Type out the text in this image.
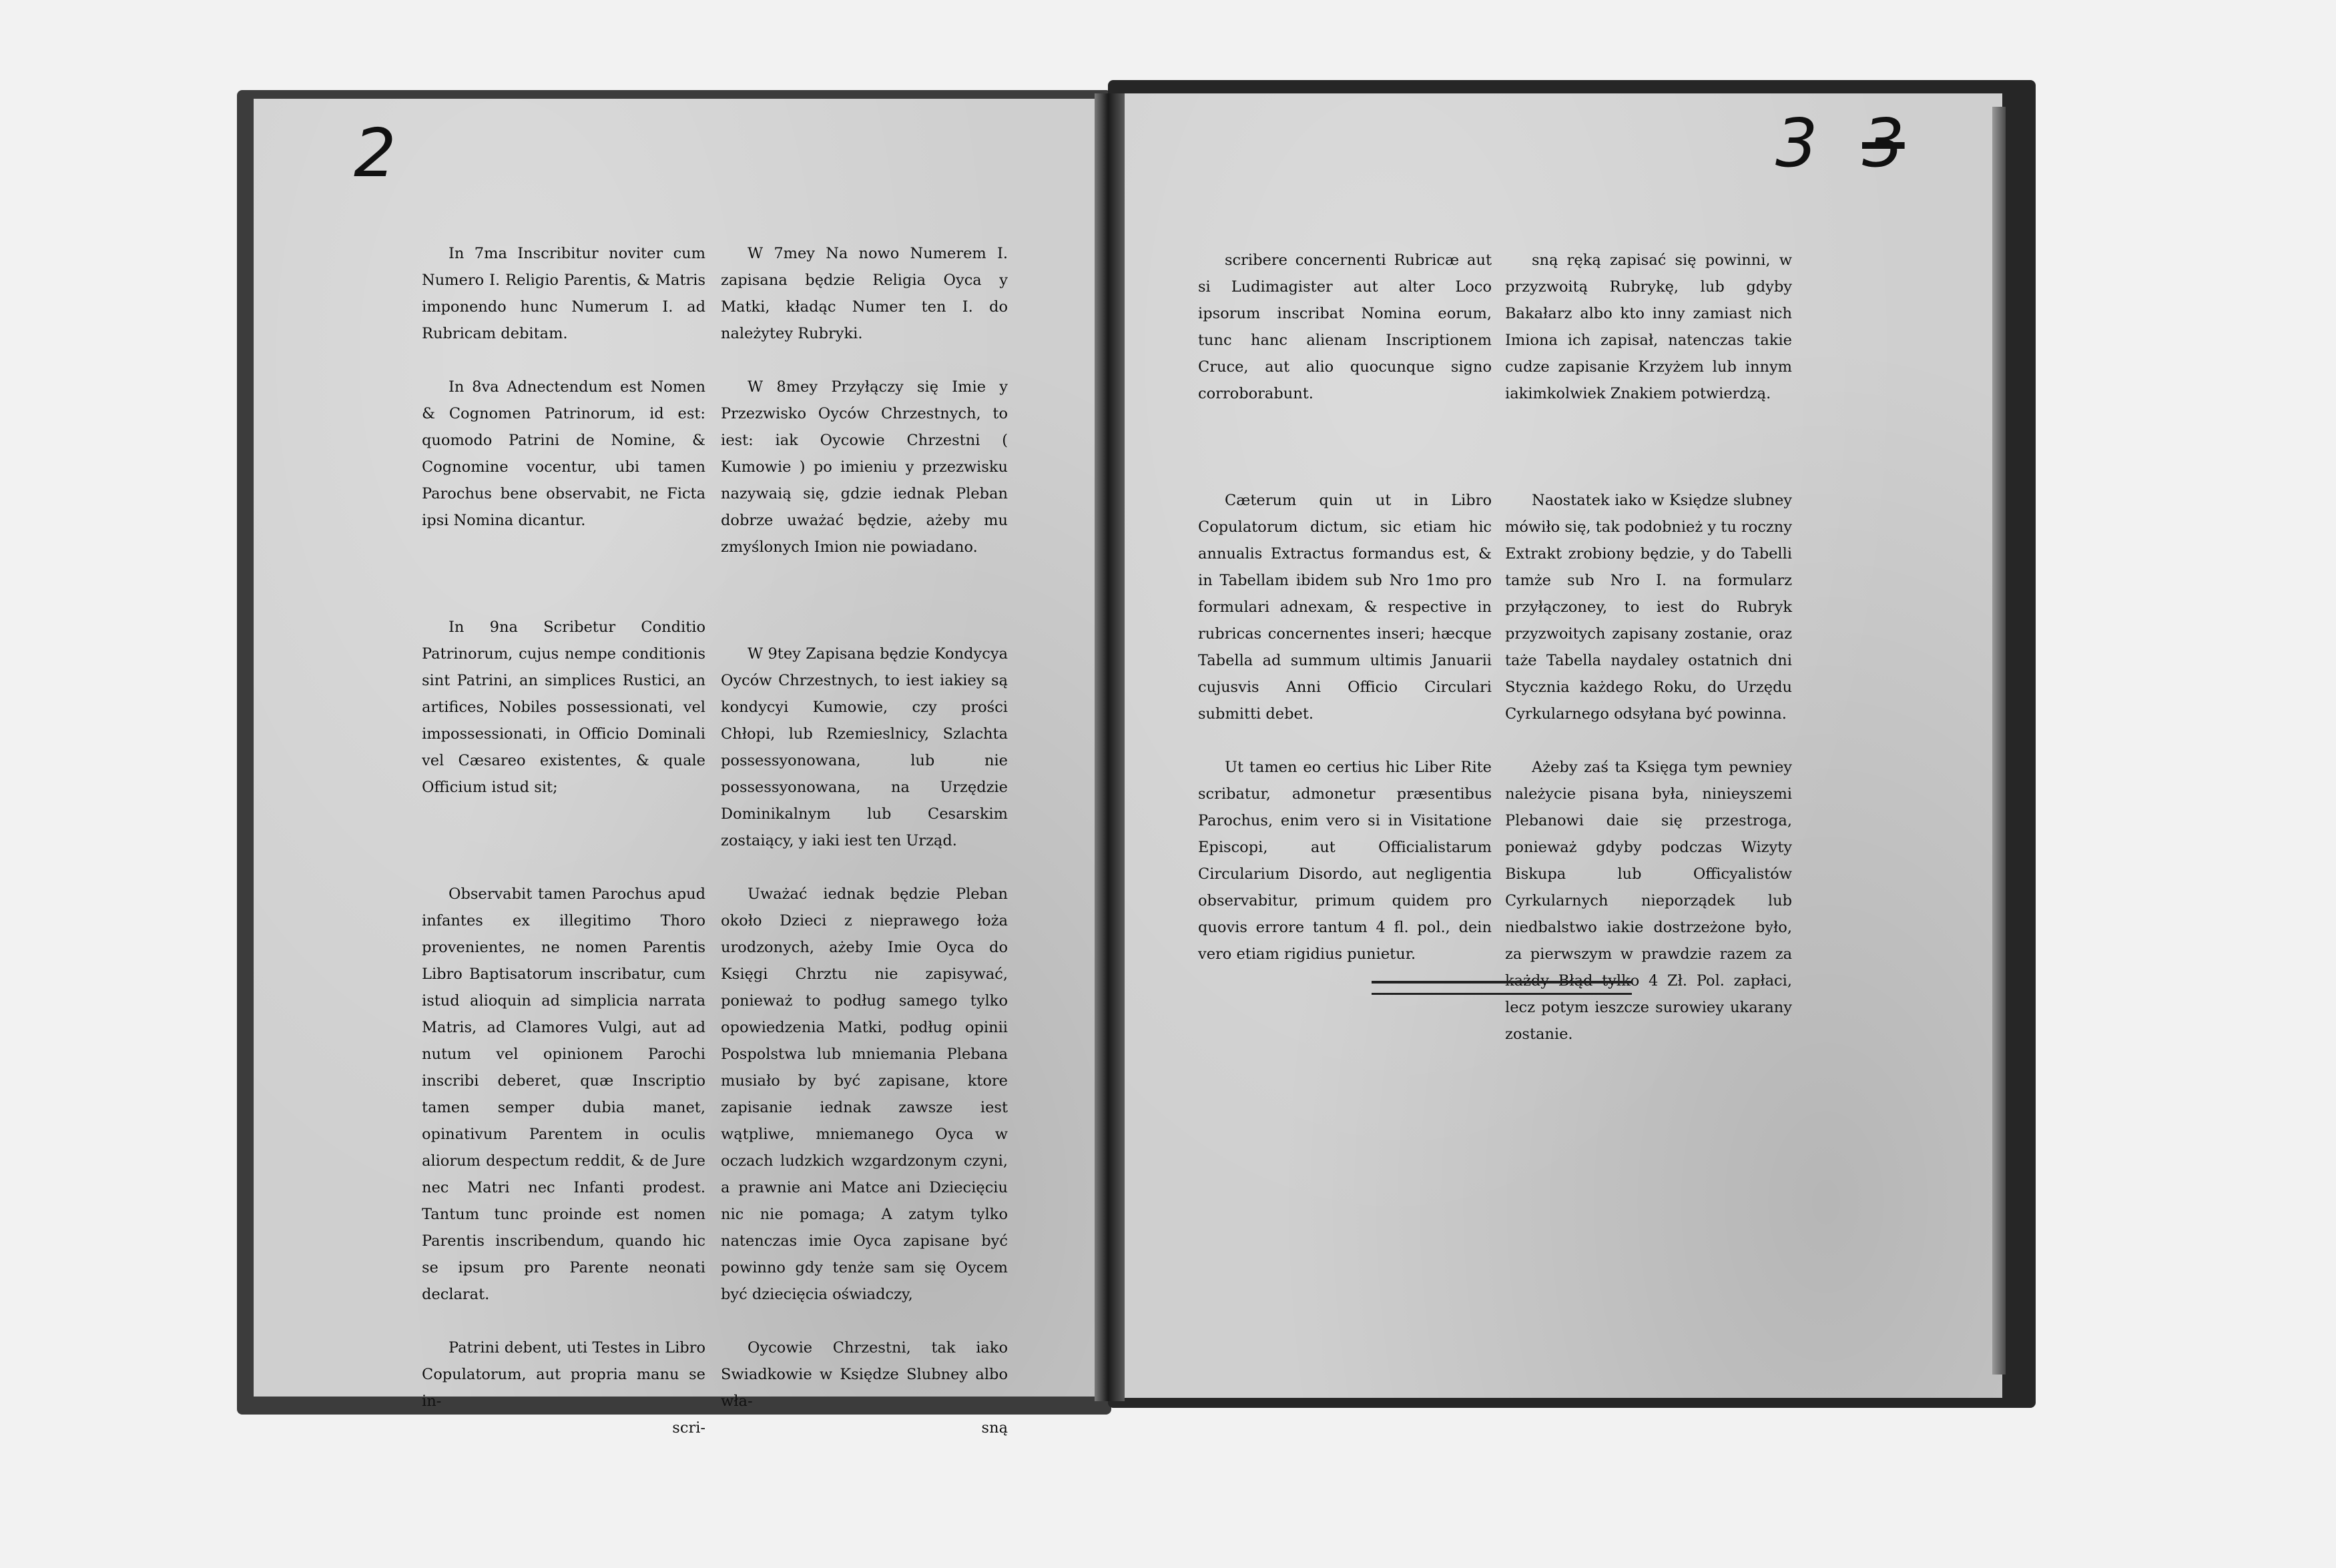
2	3 3

In 7ma Inscribitur noviter cum Numero I. Religio Parentis, & Matris imponendo hunc Numerum I. ad Rubricam debitam.

In 8va Adnectendum est Nomen & Cognomen Patrinorum, id est: quomodo Patrini de Nomine, & Cognomine vocentur, ubi tamen Parochus bene observabit, ne Ficta ipsi Nomina dicantur.

In 9na Scribetur Conditio Patrinorum, cujus nempe conditionis sint Patrini, an simplices Rustici, an artifices, Nobiles possessionati, vel impossessionati, in Officio Dominali vel Cæsareo existentes, & quale Officium istud sit;

Observabit tamen Parochus apud infantes ex illegitimo Thoro provenientes, ne nomen Parentis Libro Baptisatorum inscribatur, cum istud alioquin ad simplicia narrata Matris, ad Clamores Vulgi, aut ad nutum vel opinionem Parochi inscribi deberet, quæ Inscriptio tamen semper dubia manet, opinativum Parentem in oculis aliorum despectum reddit, & de Jure nec Matri nec Infanti prodest. Tantum tunc proinde est nomen Parentis inscribendum, quando hic se ipsum pro Parente neonati declarat.

Patrini debent, uti Testes in Libro Copulatorum, aut propria manu se in-

scri-

W 7mey Na nowo Numerem I. zapisana będzie Religia Oyca y Matki, kładąc Numer ten I. do należytey Rubryki.

W 8mey Przyłączy się Imie y Przezwisko Oyców Chrzestnych, to iest: iak Oycowie Chrzestni ( Kumowie ) po imieniu y przezwisku nazywaią się, gdzie iednak Pleban dobrze uważać będzie, ażeby mu zmyślonych Imion nie powiadano.

W 9tey Zapisana będzie Kondycya Oyców Chrzestnych, to iest iakiey są kondycyi Kumowie, czy prości Chłopi, lub Rzemieslnicy, Szlachta possessyonowana, lub nie possessyonowana, na Urzędzie Dominikalnym lub Cesarskim zostaiący, y iaki iest ten Urząd.

Uważać iednak będzie Pleban około Dzieci z nieprawego łoża urodzonych, ażeby Imie Oyca do Księgi Chrztu nie zapisywać, ponieważ to podług samego tylko opowiedzenia Matki, podług opinii Pospolstwa lub mniemania Plebana musiało by być zapisane, ktore zapisanie iednak zawsze iest wątpliwe, mniemanego Oyca w oczach ludzkich wzgardzonym czyni, a prawnie ani Matce ani Dziecięciu nic nie pomaga; A zatym tylko natenczas imie Oyca zapisane być powinno gdy tenże sam się Oycem być dziecięcia oświadczy,

Oycowie Chrzestni, tak iako Swiadkowie w Księdze Slubney albo wła-

sną

scribere concernenti Rubricæ aut si Ludimagister aut alter Loco ipsorum inscribat Nomina eorum, tunc hanc alienam Inscriptionem Cruce, aut alio quocunque signo corroborabunt.

Cæterum quin ut in Libro Copulatorum dictum, sic etiam hic annualis Extractus formandus est, & in Tabellam ibidem sub Nro 1mo pro formulari adnexam, & respective in rubricas concernentes inseri; hæcque Tabella ad summum ultimis Januarii cujusvis Anni Officio Circulari submitti debet.

Ut tamen eo certius hic Liber Rite scribatur, admonetur præsentibus Parochus, enim vero si in Visitatione Episcopi, aut Officialistarum Circularium Disordo, aut negligentia observabitur, primum quidem pro quovis errore tantum 4 fl. pol., dein vero etiam rigidius punietur.

sną ręką zapisać się powinni, w przyzwoitą Rubrykę, lub gdyby Bakałarz albo kto inny zamiast nich Imiona ich zapisał, natenczas takie cudze zapisanie Krzyżem lub innym iakimkolwiek Znakiem potwierdzą.

Naostatek iako w Księdze slubney mówiło się, tak podobnież y tu roczny Extrakt zrobiony będzie, y do Tabelli tamże sub Nro I. na formularz przyłączoney, to iest do Rubryk przyzwoitych zapisany zostanie, oraz taże Tabella naydaley ostatnich dni Stycznia każdego Roku, do Urzędu Cyrkularnego odsyłana być powinna.

Ażeby zaś ta Księga tym pewniey należycie pisana była, ninieyszemi Plebanowi daie się przestroga, ponieważ gdyby podczas Wizyty Biskupa lub Officyalistów Cyrkularnych nieporządek lub niedbalstwo iakie dostrzeżone było, za pierwszym w prawdzie razem za każdy Błąd tylko 4 Zł. Pol. zapłaci, lecz potym ieszcze surowiey ukarany zostanie.
